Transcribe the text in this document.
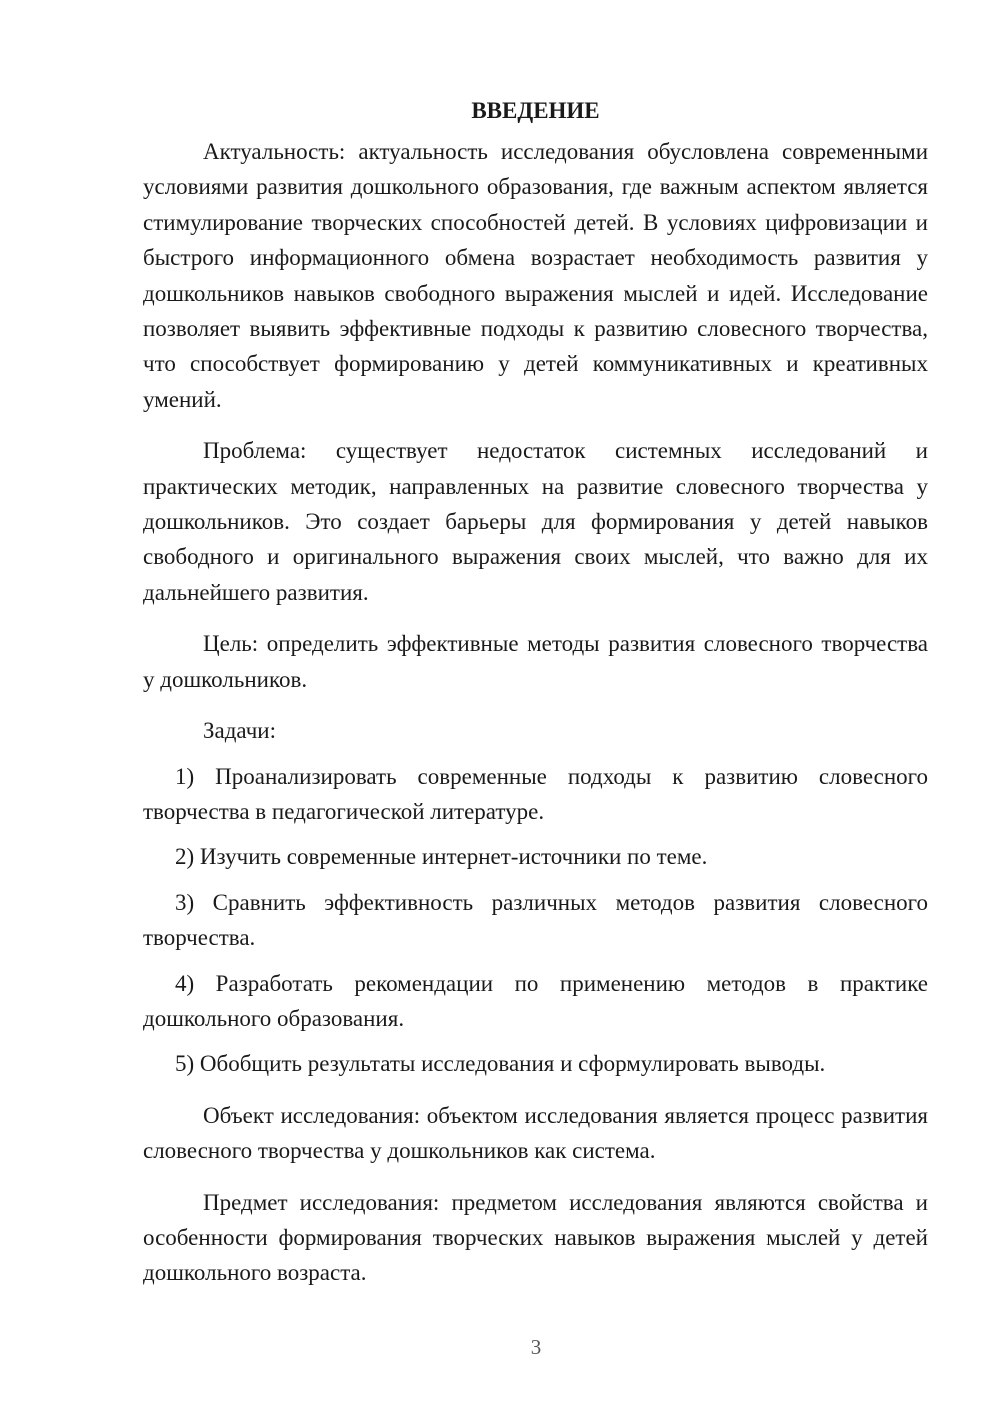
ВВЕДЕНИЕ

Актуальность: актуальность исследования обусловлена современными условиями развития дошкольного образования, где важным аспектом является стимулирование творческих способностей детей. В условиях цифровизации и быстрого информационного обмена возрастает необходимость развития у дошкольников навыков свободного выражения мыслей и идей. Исследование позволяет выявить эффективные подходы к развитию словесного творчества, что способствует формированию у детей коммуникативных и креативных умений.

Проблема: существует недостаток системных исследований и практических методик, направленных на развитие словесного творчества у дошкольников. Это создает барьеры для формирования у детей навыков свободного и оригинального выражения своих мыслей, что важно для их дальнейшего развития.

Цель: определить эффективные методы развития словесного творчества у дошкольников.

Задачи:

1) Проанализировать современные подходы к развитию словесного творчества в педагогической литературе.

2) Изучить современные интернет-источники по теме.

3) Сравнить эффективность различных методов развития словесного творчества.

4) Разработать рекомендации по применению методов в практике дошкольного образования.

5) Обобщить результаты исследования и сформулировать выводы.

Объект исследования: объектом исследования является процесс развития словесного творчества у дошкольников как система.

Предмет исследования: предметом исследования являются свойства и особенности формирования творческих навыков выражения мыслей у детей дошкольного возраста.

3
